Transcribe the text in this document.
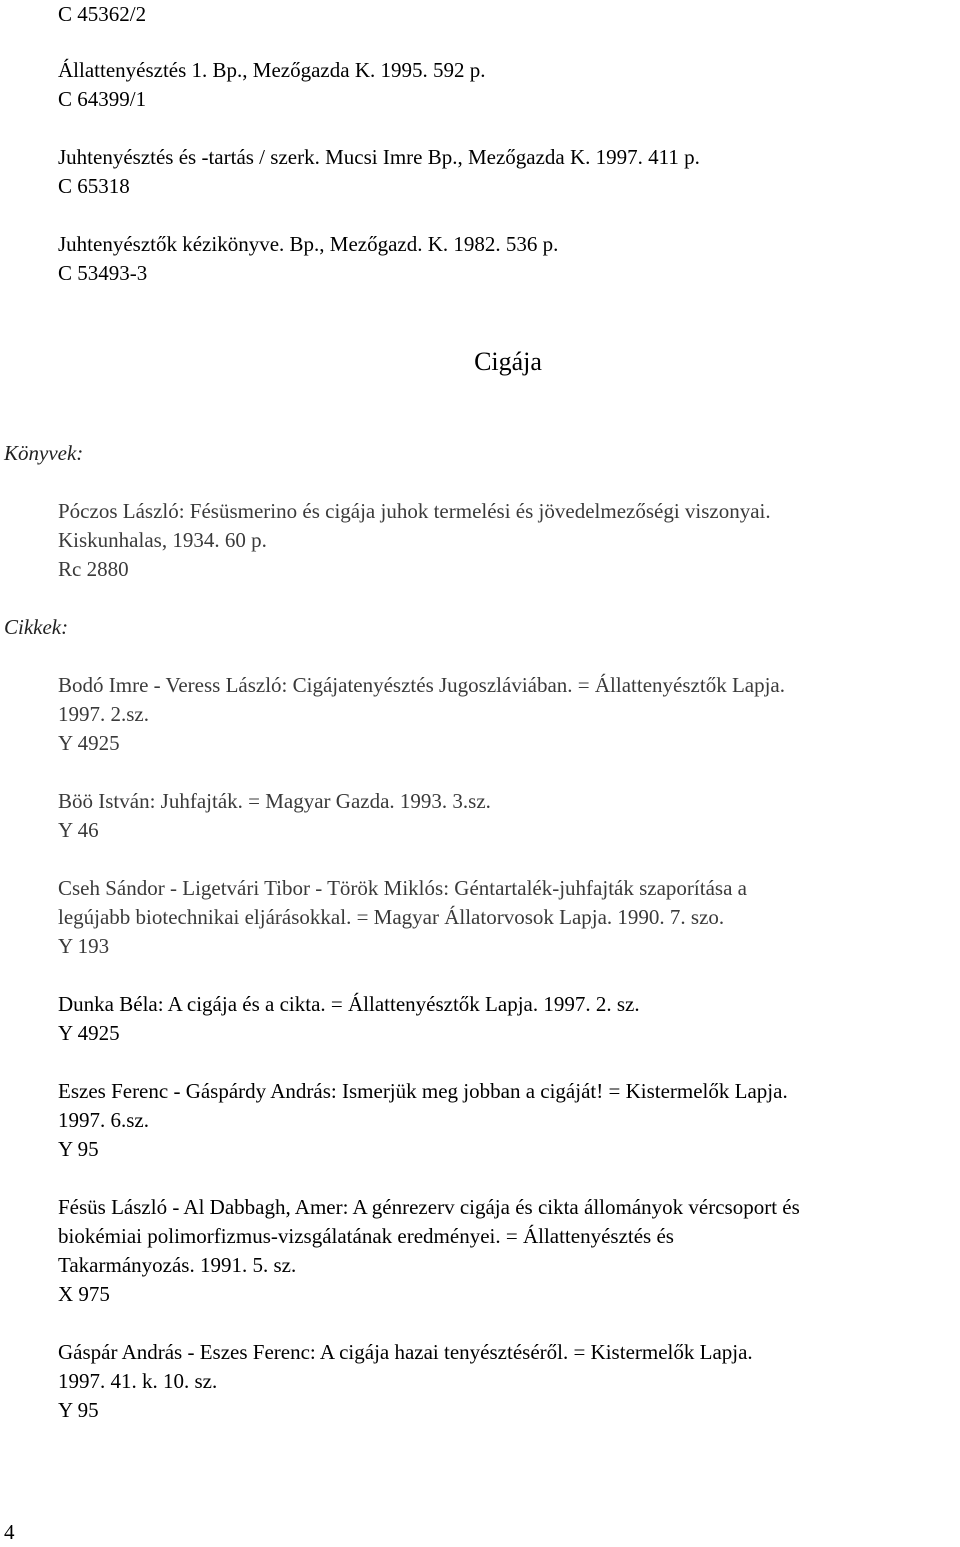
C 45362/2
Állattenyésztés 1. Bp., Mezőgazda K. 1995. 592 p.
C 64399/1
Juhtenyésztés és -tartás / szerk. Mucsi Imre Bp., Mezőgazda K. 1997. 411 p.
C 65318
Juhtenyésztők kézikönyve. Bp., Mezőgazd. K. 1982. 536 p.
C 53493-3
Cigája
Könyvek:
Póczos László: Fésüsmerino és cigája juhok termelési és jövedelmezőségi viszonyai.
Kiskunhalas, 1934. 60 p.
Rc 2880
Cikkek:
Bodó Imre - Veress László: Cigájatenyésztés Jugoszláviában. = Állattenyésztők Lapja.
1997. 2.sz.
Y 4925
Böö István: Juhfajták. = Magyar Gazda. 1993. 3.sz.
Y 46
Cseh Sándor - Ligetvári Tibor - Török Miklós: Géntartalék-juhfajták szaporítása a
legújabb biotechnikai eljárásokkal. = Magyar Állatorvosok Lapja. 1990. 7. szo.
Y 193
Dunka Béla: A cigája és a cikta. = Állattenyésztők Lapja. 1997. 2. sz.
Y 4925
Eszes Ferenc - Gáspárdy András: Ismerjük meg jobban a cigáját! = Kistermelők Lapja.
1997. 6.sz.
Y 95
Fésüs László - Al Dabbagh, Amer: A génrezerv cigája és cikta állományok vércsoport és
biokémiai polimorfizmus-vizsgálatának eredményei. = Állattenyésztés és
Takarmányozás. 1991. 5. sz.
X 975
Gáspár András - Eszes Ferenc: A cigája hazai tenyésztéséről. = Kistermelők Lapja.
1997. 41. k. 10. sz.
Y 95
4
